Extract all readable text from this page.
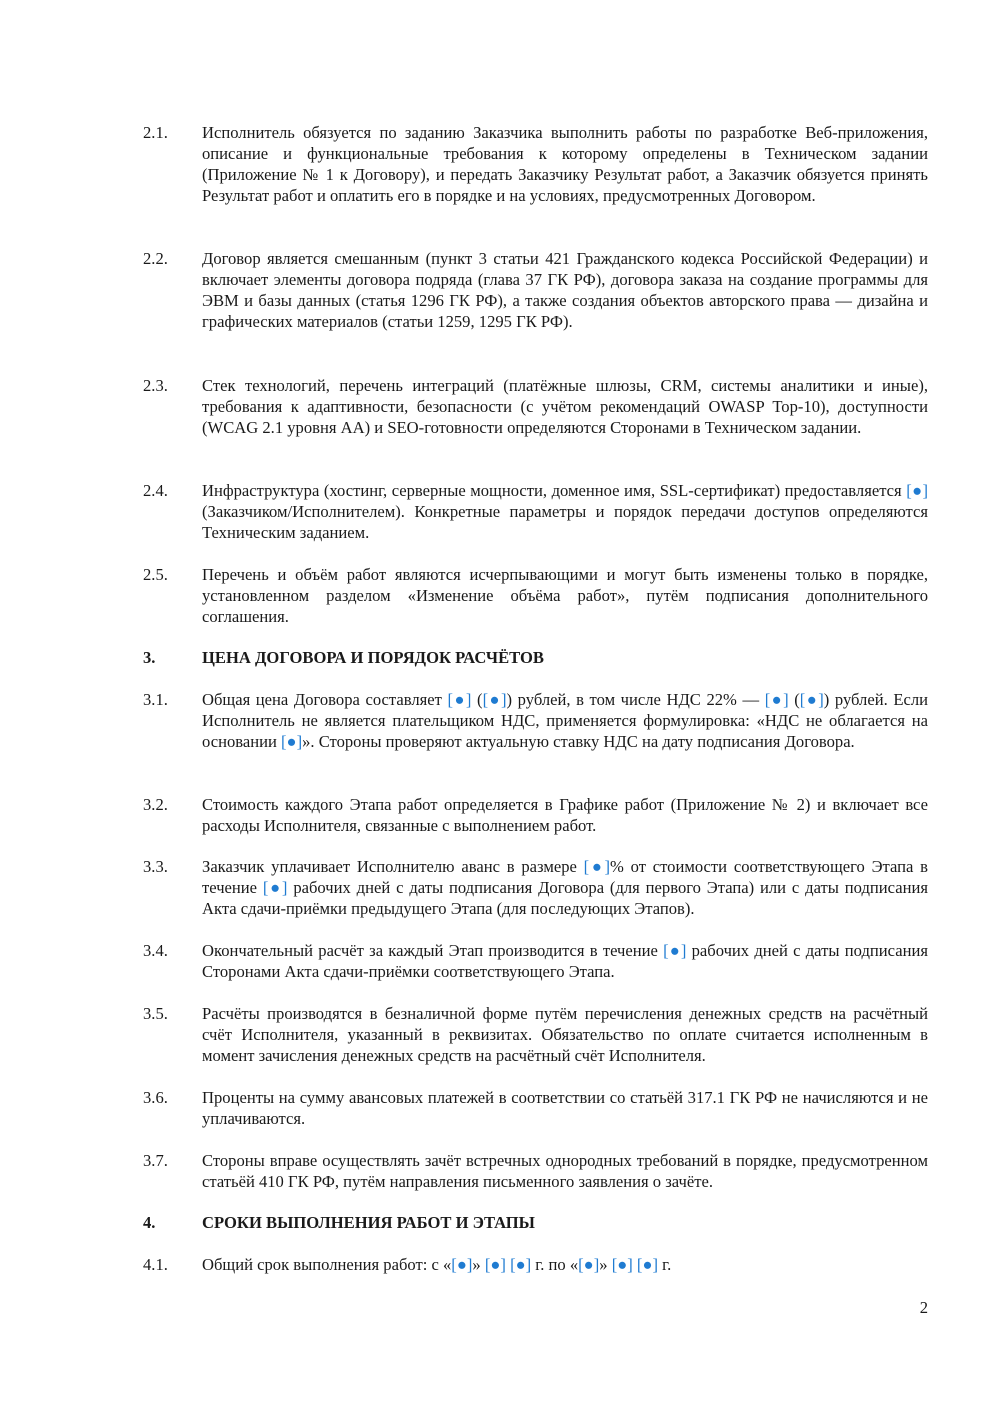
2.1.	Исполнитель обязуется по заданию Заказчика выполнить работы по разработке Веб-приложения, описание и функциональные требования к которому определены в Техническом задании (Приложение № 1 к Договору), и передать Заказчику Результат работ, а Заказчик обязуется принять Результат работ и оплатить его в порядке и на условиях, предусмотренных Договором.
2.2.	Договор является смешанным (пункт 3 статьи 421 Гражданского кодекса Российской Федерации) и включает элементы договора подряда (глава 37 ГК РФ), договора заказа на создание программы для ЭВМ и базы данных (статья 1296 ГК РФ), а также создания объектов авторского права — дизайна и графических материалов (статьи 1259, 1295 ГК РФ).
2.3.	Стек технологий, перечень интеграций (платёжные шлюзы, CRM, системы аналитики и иные), требования к адаптивности, безопасности (с учётом рекомендаций OWASP Top-10), доступности (WCAG 2.1 уровня AA) и SEO-готовности определяются Сторонами в Техническом задании.
2.4.	Инфраструктура (хостинг, серверные мощности, доменное имя, SSL-сертификат) предоставляется [●] (Заказчиком/Исполнителем). Конкретные параметры и порядок передачи доступов определяются Техническим заданием.
2.5.	Перечень и объём работ являются исчерпывающими и могут быть изменены только в порядке, установленном разделом «Изменение объёма работ», путём подписания дополнительного соглашения.
3.	ЦЕНА ДОГОВОРА И ПОРЯДОК РАСЧЁТОВ
3.1.	Общая цена Договора составляет [●] ([●]) рублей, в том числе НДС 22% — [●] ([●]) рублей. Если Исполнитель не является плательщиком НДС, применяется формулировка: «НДС не облагается на основании [●]». Стороны проверяют актуальную ставку НДС на дату подписания Договора.
3.2.	Стоимость каждого Этапа работ определяется в Графике работ (Приложение № 2) и включает все расходы Исполнителя, связанные с выполнением работ.
3.3.	Заказчик уплачивает Исполнителю аванс в размере [●]% от стоимости соответствующего Этапа в течение [●] рабочих дней с даты подписания Договора (для первого Этапа) или с даты подписания Акта сдачи-приёмки предыдущего Этапа (для последующих Этапов).
3.4.	Окончательный расчёт за каждый Этап производится в течение [●] рабочих дней с даты подписания Сторонами Акта сдачи-приёмки соответствующего Этапа.
3.5.	Расчёты производятся в безналичной форме путём перечисления денежных средств на расчётный счёт Исполнителя, указанный в реквизитах. Обязательство по оплате считается исполненным в момент зачисления денежных средств на расчётный счёт Исполнителя.
3.6.	Проценты на сумму авансовых платежей в соответствии со статьёй 317.1 ГК РФ не начисляются и не уплачиваются.
3.7.	Стороны вправе осуществлять зачёт встречных однородных требований в порядке, предусмотренном статьёй 410 ГК РФ, путём направления письменного заявления о зачёте.
4.	СРОКИ ВЫПОЛНЕНИЯ РАБОТ И ЭТАПЫ
4.1.	Общий срок выполнения работ: с «[●]» [●] [●] г. по «[●]» [●] [●] г.
2
